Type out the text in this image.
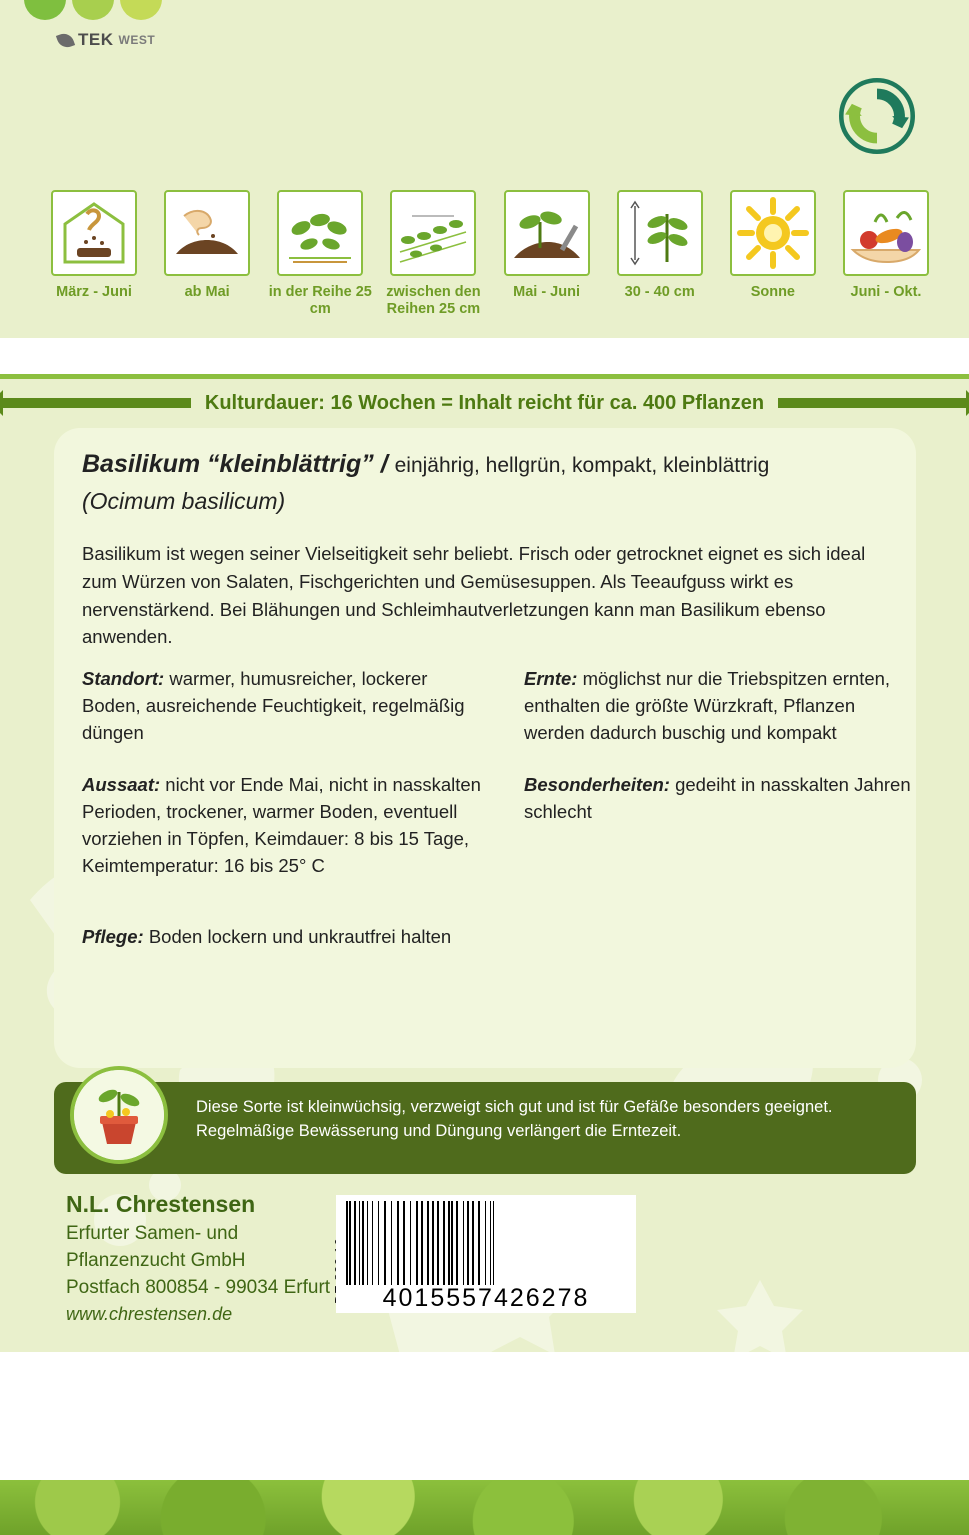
TEK WEST
März - Juni	ab Mai	in der Reihe 25 cm
zwischen den Reihen 25 cm
Mai - Juni	30 - 40 cm	Sonne	Juni - Okt.
Kulturdauer: 16 Wochen = Inhalt reicht für ca. 400 Pflanzen
Basilikum “kleinblättrig” / einjährig, hellgrün, kompakt, kleinblättrig
(Ocimum basilicum)
Basilikum ist wegen seiner Vielseitigkeit sehr beliebt. Frisch oder getrocknet eignet es sich ideal zum Würzen von Salaten, Fischgerichten und Gemüsesuppen. Als Teeaufguss wirkt es nervenstärkend. Bei Blähungen und Schleimhautverletzungen kann man Basilikum ebenso anwenden.
Standort: warmer, humusreicher, lockerer Boden, ausreichende Feuchtigkeit, regelmäßig düngen
Aussaat: nicht vor Ende Mai, nicht in nasskalten Perioden, trockener, warmer Boden, eventuell vorziehen in Töpfen, Keimdauer: 8 bis 15 Tage, Keimtemperatur: 16 bis 25° C
Ernte: möglichst nur die Triebspitzen ernten, enthalten die größte Würzkraft, Pflanzen werden dadurch buschig und kompakt
Besonderheiten: gedeiht in nasskalten Jahren schlecht
Pflege: Boden lockern und unkrautfrei halten
Diese Sorte ist kleinwüchsig, verzweigt sich gut und ist für Gefäße besonders geeignet. Regelmäßige Bewässerung und Düngung verlängert die Erntezeit.
N.L. Chrestensen
Erfurter Samen- und
Pflanzenzucht GmbH
Postfach 800854 - 99034 Erfurt
www.chrestensen.de
4015557426278
